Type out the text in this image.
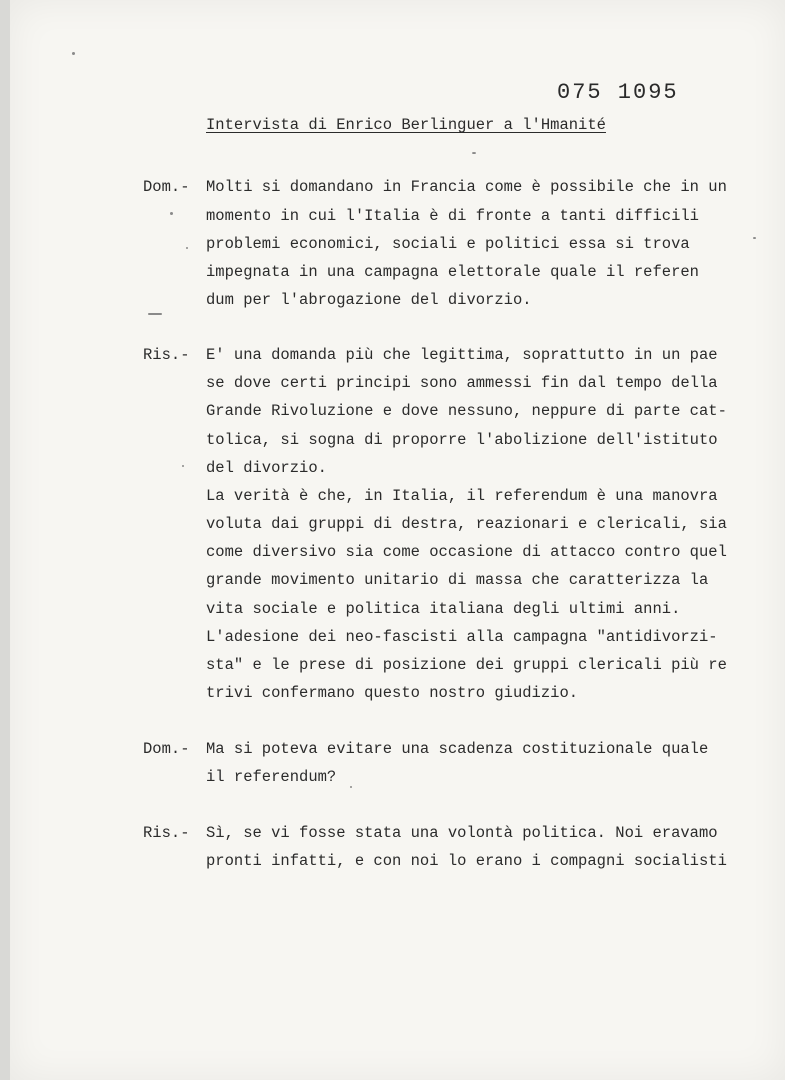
075 1095
Intervista di Enrico Berlinguer a l'Hmanité
Dom.- Molti si domandano in Francia come è possibile che in un
momento in cui l'Italia è di fronte a tanti difficili
problemi economici, sociali e politici essa si trova
impegnata in una campagna elettorale quale il referen
dum per l'abrogazione del divorzio.
Ris.- E' una domanda più che legittima, soprattutto in un pae
se dove certi principi sono ammessi fin dal tempo della
Grande Rivoluzione e dove nessuno, neppure di parte cat-
tolica, si sogna di proporre l'abolizione dell'istituto
del divorzio.
La verità è che, in Italia, il referendum è una manovra
voluta dai gruppi di destra, reazionari e clericali, sia
come diversivo sia come occasione di attacco contro quel
grande movimento unitario di massa che caratterizza la
vita sociale e politica italiana degli ultimi anni.
L'adesione dei neo-fascisti alla campagna "antidivorzi-
sta" e le prese di posizione dei gruppi clericali più re
trivi confermano questo nostro giudizio.
Dom.- Ma si poteva evitare una scadenza costituzionale quale
il referendum?
Ris.- Sì, se vi fosse stata una volontà politica. Noi eravamo
pronti infatti, e con noi lo erano i compagni socialisti
